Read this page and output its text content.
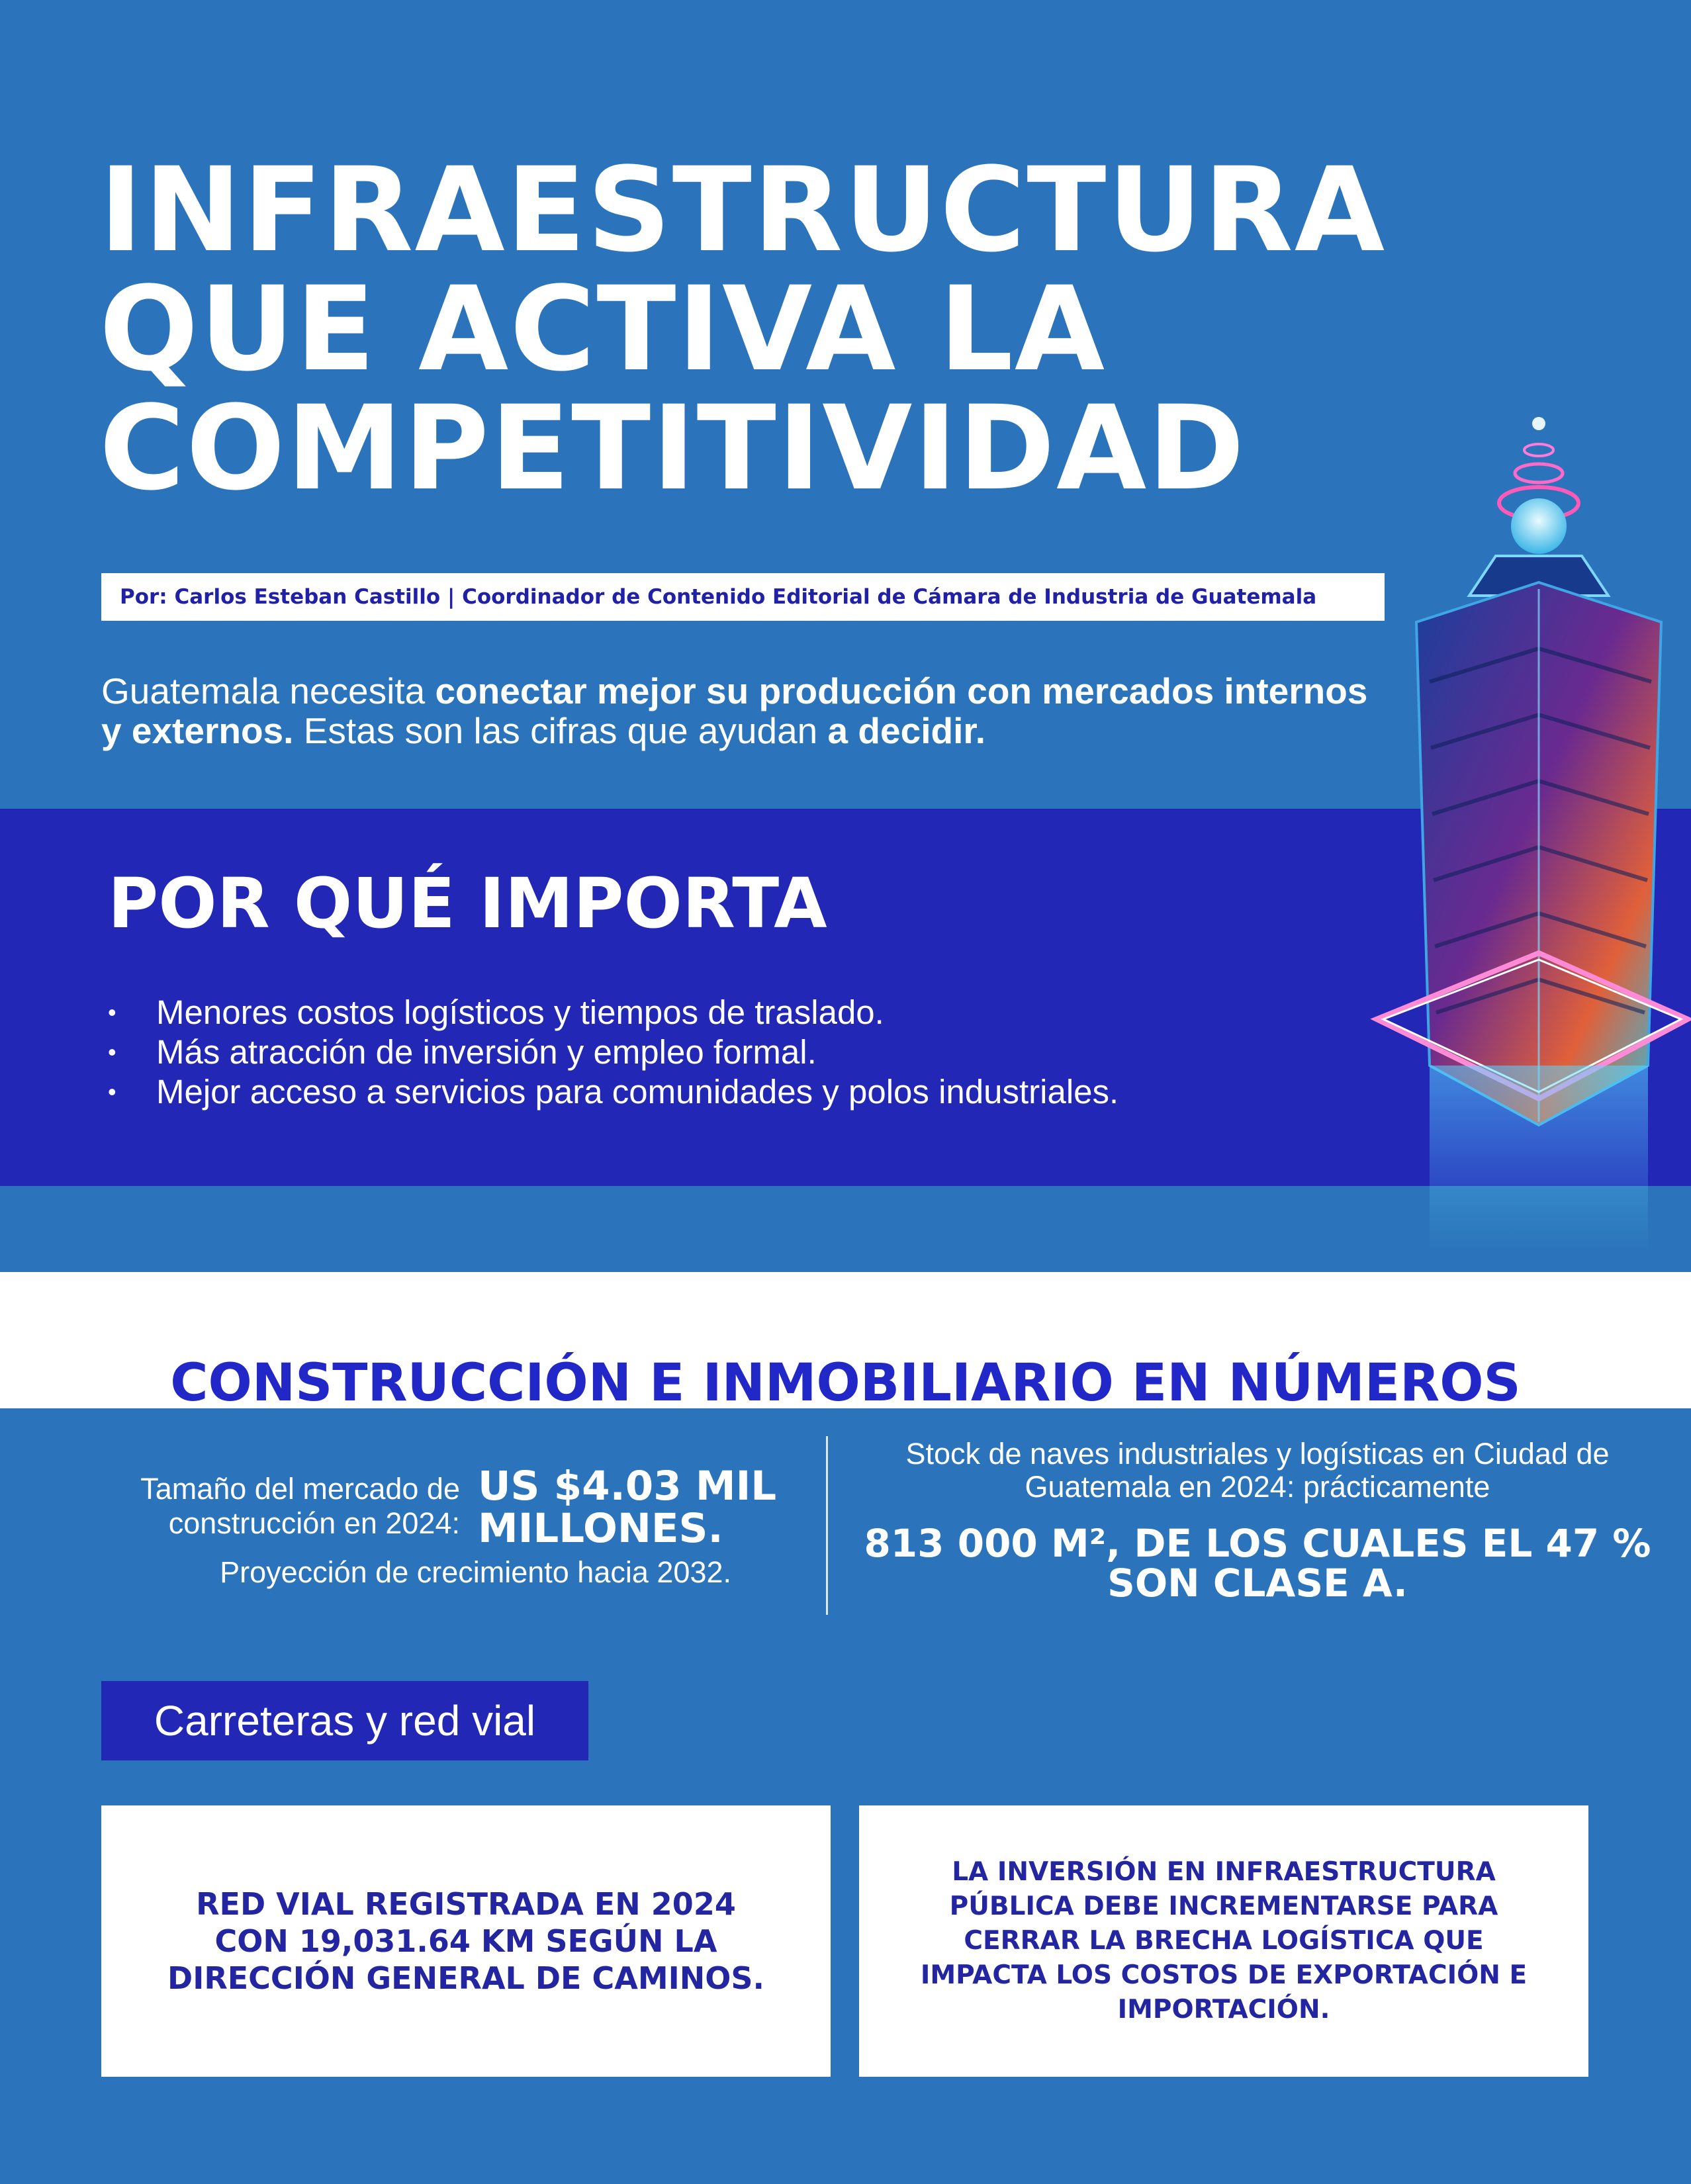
INFRAESTRUCTURA
QUE ACTIVA LA
COMPETITIVIDAD
Por: Carlos Esteban Castillo | Coordinador de Contenido Editorial de Cámara de Industria de Guatemala
Guatemala necesita conectar mejor su producción con mercados internos y externos. Estas son las cifras que ayudan a decidir.
POR QUÉ IMPORTA
• Menores costos logísticos y tiempos de traslado.
• Más atracción de inversión y empleo formal.
• Mejor acceso a servicios para comunidades y polos industriales.
CONSTRUCCIÓN E INMOBILIARIO EN NÚMEROS
Tamaño del mercado de construcción en 2024:
US $4.03 MIL MILLONES.
Proyección de crecimiento hacia 2032.
Stock de naves industriales y logísticas en Ciudad de Guatemala en 2024: prácticamente
813 000 M², DE LOS CUALES EL 47 % SON CLASE A.
Carreteras y red vial
RED VIAL REGISTRADA EN 2024 CON 19,031.64 KM SEGÚN LA DIRECCIÓN GENERAL DE CAMINOS.
LA INVERSIÓN EN INFRAESTRUCTURA PÚBLICA DEBE INCREMENTARSE PARA CERRAR LA BRECHA LOGÍSTICA QUE IMPACTA LOS COSTOS DE EXPORTACIÓN E IMPORTACIÓN.
